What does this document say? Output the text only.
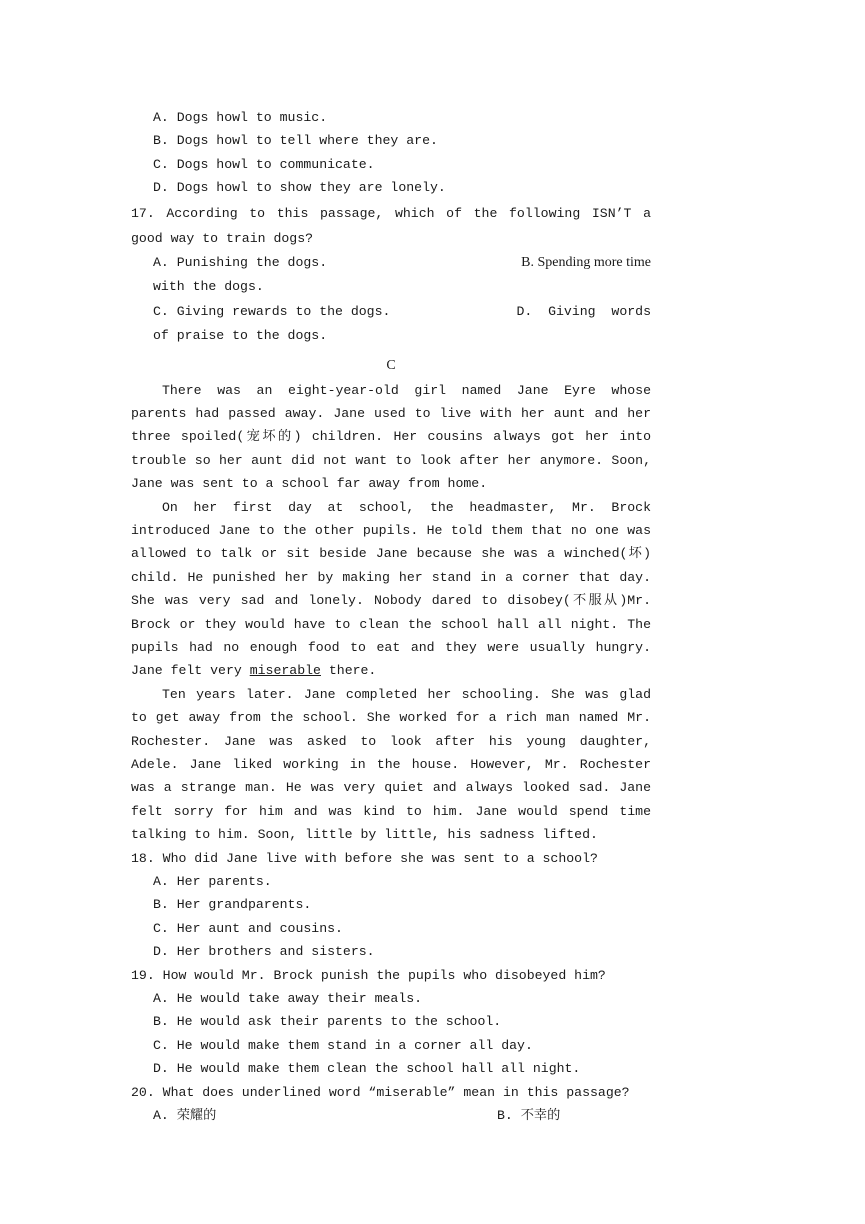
A. Dogs howl to music.
B. Dogs howl to tell where they are.
C. Dogs howl to communicate.
D. Dogs howl to show they are lonely.

17. According to this passage, which of the following ISN’T a good way to train dogs?

A. Punishing the dogs.	B. Spending more time
with the dogs.
C. Giving rewards to the dogs.	D.  Giving  words
of praise to the dogs.
C

There was an eight-year-old girl named Jane Eyre whose parents had passed away. Jane used to live with her aunt and her three spoiled(宠坏的) children. Her cousins always got her into trouble so her aunt did not want to look after her anymore. Soon, Jane was sent to a school far away from home.

On her first day at school, the headmaster, Mr. Brock introduced Jane to the other pupils. He told them that no one was allowed to talk or sit beside Jane because she was a winched(坏) child. He punished her by making her stand in a corner that day. She was very sad and lonely. Nobody dared to disobey(不服从)Mr. Brock or they would have to clean the school hall all night. The pupils had no enough food to eat and they were usually hungry. Jane felt very miserable there.

Ten years later. Jane completed her schooling. She was glad to get away from the school. She worked for a rich man named Mr. Rochester. Jane was asked to look after his young daughter, Adele. Jane liked working in the house. However, Mr. Rochester was a strange man. He was very quiet and always looked sad. Jane felt sorry for him and was kind to him. Jane would spend time talking to him. Soon, little by little, his sadness lifted.

18. Who did Jane live with before she was sent to a school?
A. Her parents.
B. Her grandparents.
C. Her aunt and cousins.
D. Her brothers and sisters.
19. How would Mr. Brock punish the pupils who disobeyed him?
A. He would take away their meals.
B. He would ask their parents to the school.
C. He would make them stand in a corner all day.
D. He would make them clean the school hall all night.
20. What does underlined word “miserable” mean in this passage?
A. 荣耀的	B. 不幸的
